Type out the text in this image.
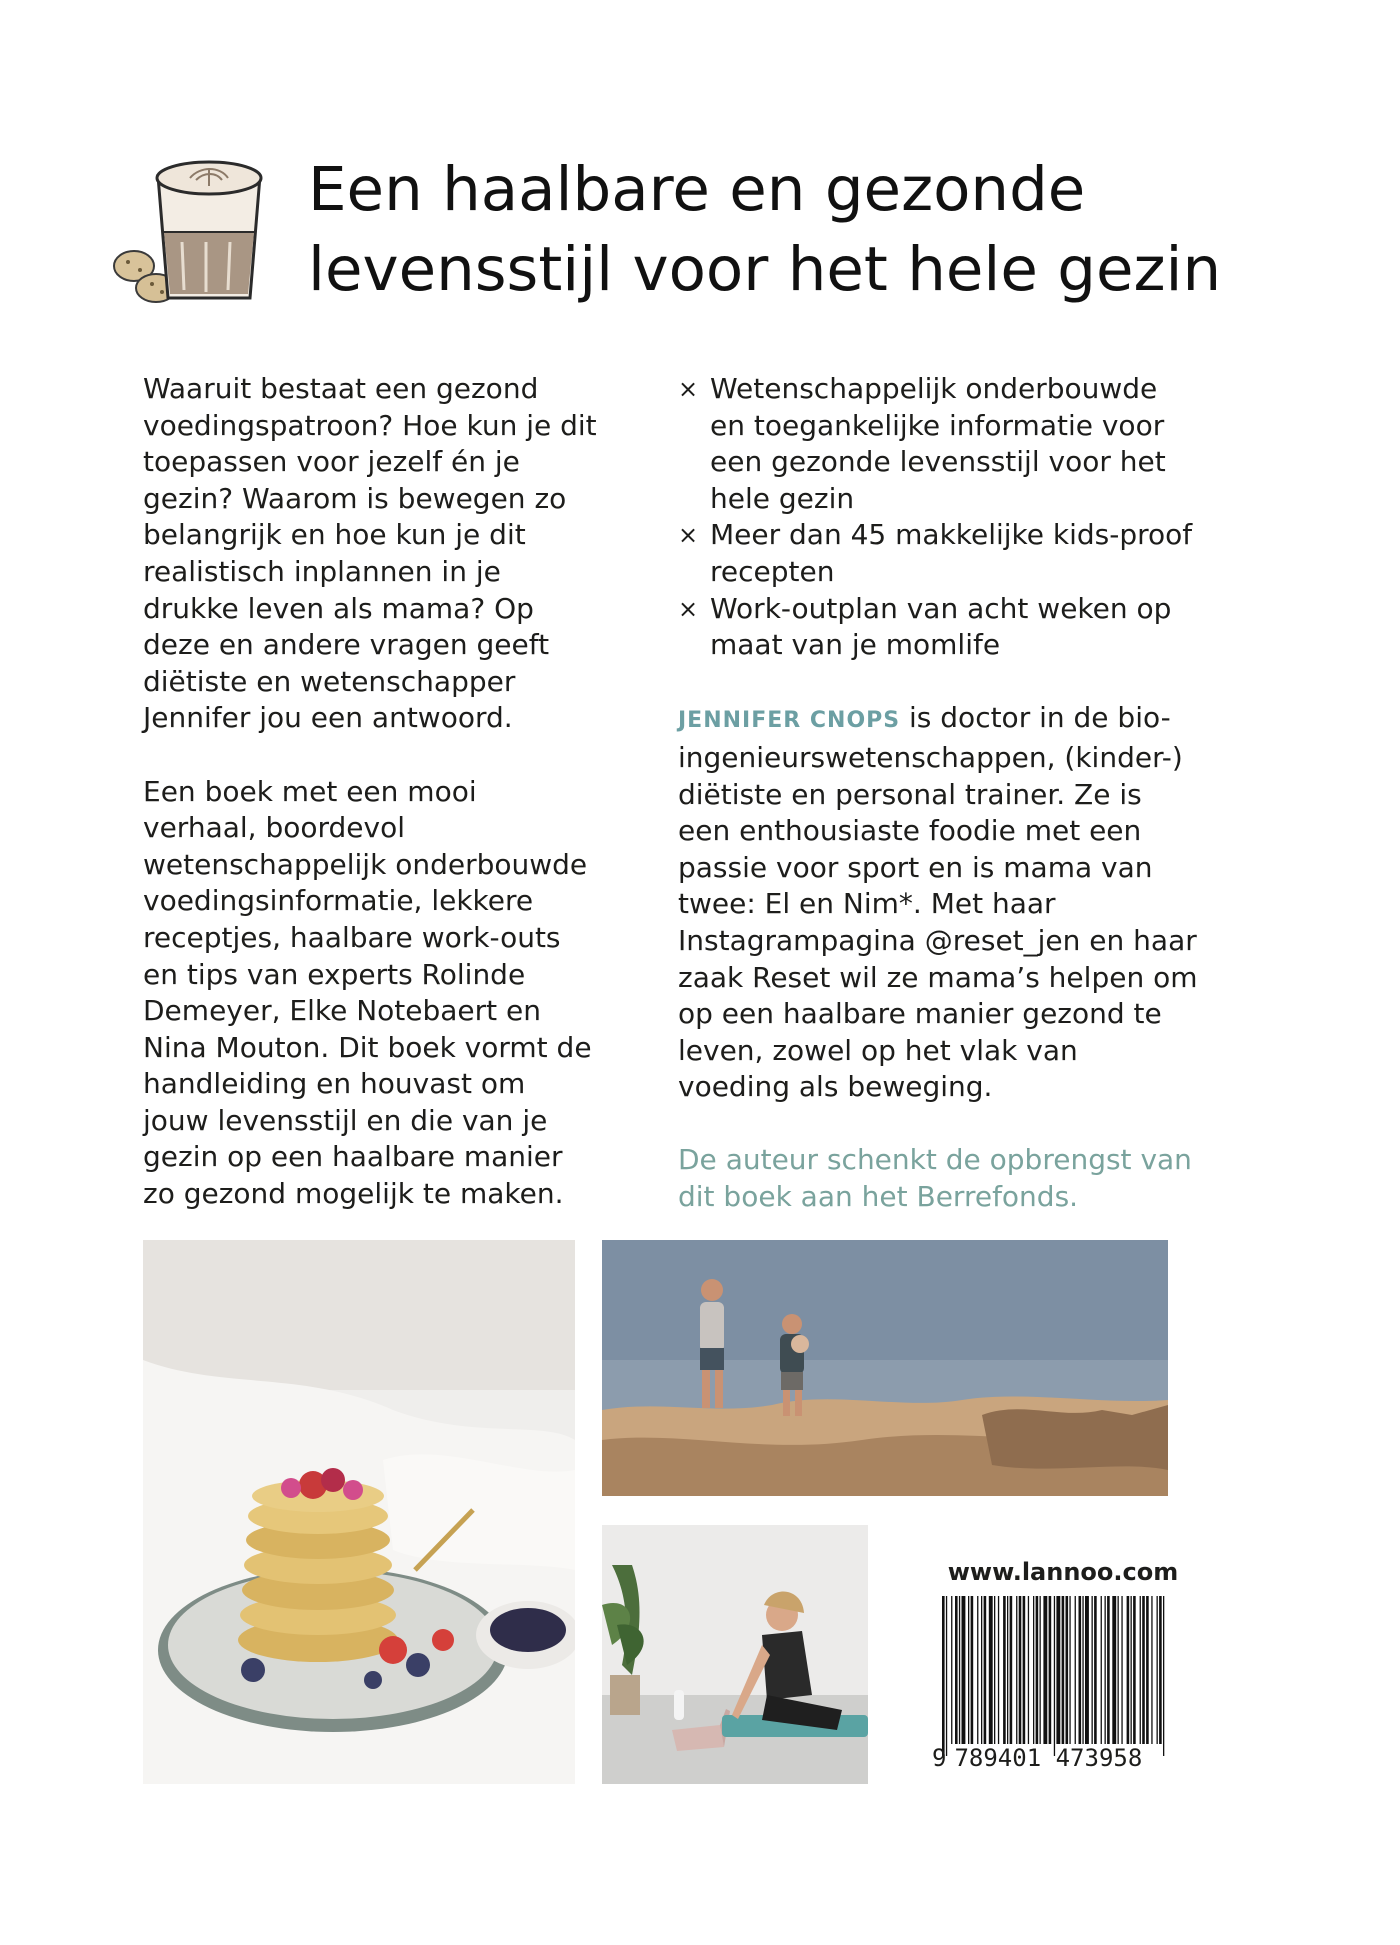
Een haalbare en gezonde
levensstijl voor het hele gezin

Waaruit bestaat een gezond voedingspatroon? Hoe kun je dit toepassen voor jezelf én je gezin? Waarom is bewegen zo belangrijk en hoe kun je dit realistisch inplannen in je drukke leven als mama? Op deze en andere vragen geeft diëtiste en wetenschapper Jennifer jou een antwoord.

Een boek met een mooi verhaal, boordevol wetenschappelijk onderbouwde voedingsinformatie, lekkere receptjes, haalbare work-outs en tips van experts Rolinde Demeyer, Elke Notebaert en Nina Mouton. Dit boek vormt de handleiding en houvast om jouw levensstijl en die van je gezin op een haalbare manier zo gezond mogelijk te maken.

× Wetenschappelijk onderbouwde en toegankelijke informatie voor een gezonde levensstijl voor het hele gezin
× Meer dan 45 makkelijke kids-proof recepten
× Work-outplan van acht weken op maat van je momlife

JENNIFER CNOPS is doctor in de bio-ingenieurswetenschappen, (kinder-) diëtiste en personal trainer. Ze is een enthousiaste foodie met een passie voor sport en is mama van twee: El en Nim*. Met haar Instagrampagina @reset_jen en haar zaak Reset wil ze mama’s helpen om op een haalbare manier gezond te leven, zowel op het vlak van voeding als beweging.

De auteur schenkt de opbrengst van dit boek aan het Berrefonds.

www.lannoo.com
9 789401 473958
